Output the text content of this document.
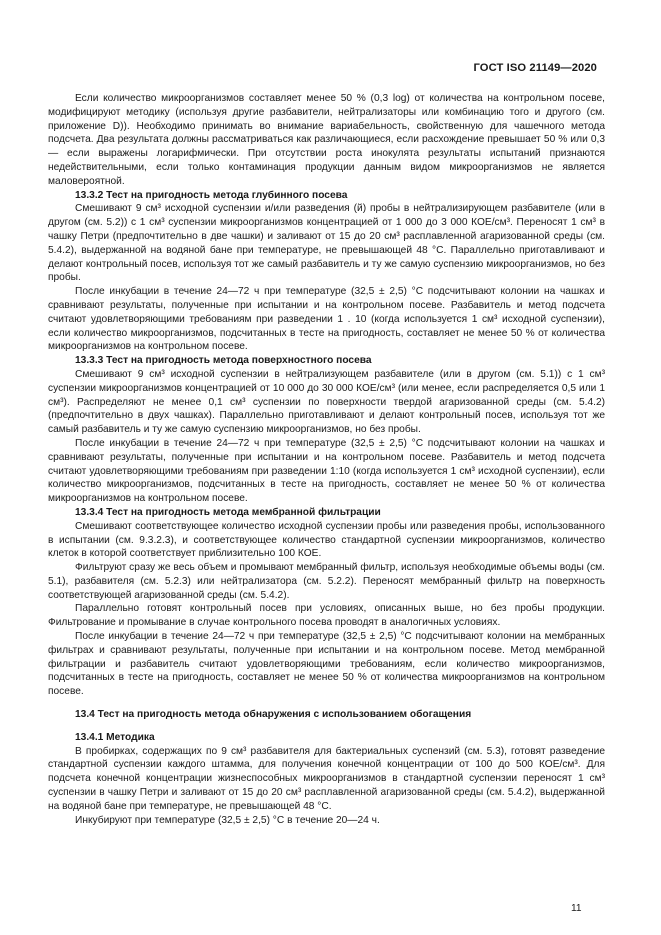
ГОСТ ISO 21149—2020

Если количество микроорганизмов составляет менее 50 % (0,3 log) от количества на контрольном посеве, модифицируют методику (используя другие разбавители, нейтрализаторы или комбинацию того и другого (см. приложение D)). Необходимо принимать во внимание вариабельность, свойственную для чашечного метода подсчета. Два результата должны рассматриваться как различающиеся, если расхождение превышает 50 % или 0,3 — если выражены логарифмически. При отсутствии роста инокулята результаты испытаний признаются недействительными, если только контаминация продукции данным видом микроорганизмов не является маловероятной.

13.3.2 Тест на пригодность метода глубинного посева

Смешивают 9 см³ исходной суспензии и/или разведения (й) пробы в нейтрализирующем разбавителе (или в другом (см. 5.2)) с 1 см³ суспензии микроорганизмов концентрацией от 1 000 до 3 000 КОЕ/см³. Переносят 1 см³ в чашку Петри (предпочтительно в две чашки) и заливают от 15 до 20 см³ расплавленной агаризованной среды (см. 5.4.2), выдержанной на водяной бане при температуре, не превышающей 48 °С. Параллельно приготавливают и делают контрольный посев, используя тот же самый разбавитель и ту же самую суспензию микроорганизмов, но без пробы.

После инкубации в течение 24—72 ч при температуре (32,5 ± 2,5) °С подсчитывают колонии на чашках и сравнивают результаты, полученные при испытании и на контрольном посеве. Разбавитель и метод подсчета считают удовлетворяющими требованиям при разведении 1 . 10 (когда используется 1 см³ исходной суспензии), если количество микроорганизмов, подсчитанных в тесте на пригодность, составляет не менее 50 % от количества микроорганизмов на контрольном посеве.

13.3.3 Тест на пригодность метода поверхностного посева

Смешивают 9 см³ исходной суспензии в нейтрализующем разбавителе (или в другом (см. 5.1)) с 1 см³ суспензии микроорганизмов концентрацией от 10 000 до 30 000 КОЕ/см³ (или менее, если распределяется 0,5 или 1 см³). Распределяют не менее 0,1 см³ суспензии по поверхности твердой агаризованной среды (см. 5.4.2) (предпочтительно в двух чашках). Параллельно приготавливают и делают контрольный посев, используя тот же самый разбавитель и ту же самую суспензию микроорганизмов, но без пробы.

После инкубации в течение 24—72 ч при температуре (32,5 ± 2,5) °С подсчитывают колонии на чашках и сравнивают результаты, полученные при испытании и на контрольном посеве. Разбавитель и метод подсчета считают удовлетворяющими требованиям при разведении 1:10 (когда используется 1 см³ исходной суспензии), если количество микроорганизмов, подсчитанных в тесте на пригодность, составляет не менее 50 % от количества микроорганизмов на контрольном посеве.

13.3.4 Тест на пригодность метода мембранной фильтрации

Смешивают соответствующее количество исходной суспензии пробы или разведения пробы, использованного в испытании (см. 9.3.2.3), и соответствующее количество стандартной суспензии микроорганизмов, количество клеток в которой соответствует приблизительно 100 КОЕ.

Фильтруют сразу же весь объем и промывают мембранный фильтр, используя необходимые объемы воды (см. 5.1), разбавителя (см. 5.2.3) или нейтрализатора (см. 5.2.2). Переносят мембранный фильтр на поверхность соответствующей агаризованной среды (см. 5.4.2).

Параллельно готовят контрольный посев при условиях, описанных выше, но без пробы продукции. Фильтрование и промывание в случае контрольного посева проводят в аналогичных условиях.

После инкубации в течение 24—72 ч при температуре (32,5 ± 2,5) °С подсчитывают колонии на мембранных фильтрах и сравнивают результаты, полученные при испытании и на контрольном посеве. Метод мембранной фильтрации и разбавитель считают удовлетворяющими требованиям, если количество микроорганизмов, подсчитанных в тесте на пригодность, составляет не менее 50 % от количества микроорганизмов на контрольном посеве.

13.4 Тест на пригодность метода обнаружения с использованием обогащения

13.4.1 Методика

В пробирках, содержащих по 9 см³ разбавителя для бактериальных суспензий (см. 5.3), готовят разведение стандартной суспензии каждого штамма, для получения конечной концентрации от 100 до 500 КОЕ/см³. Для подсчета конечной концентрации жизнеспособных микроорганизмов в стандартной суспензии переносят 1 см³ суспензии в чашку Петри и заливают от 15 до 20 см³ расплавленной агаризованной среды (см. 5.4.2), выдержанной на водяной бане при температуре, не превышающей 48 °С.

Инкубируют при температуре (32,5 ± 2,5) °С в течение 20—24 ч.

11
